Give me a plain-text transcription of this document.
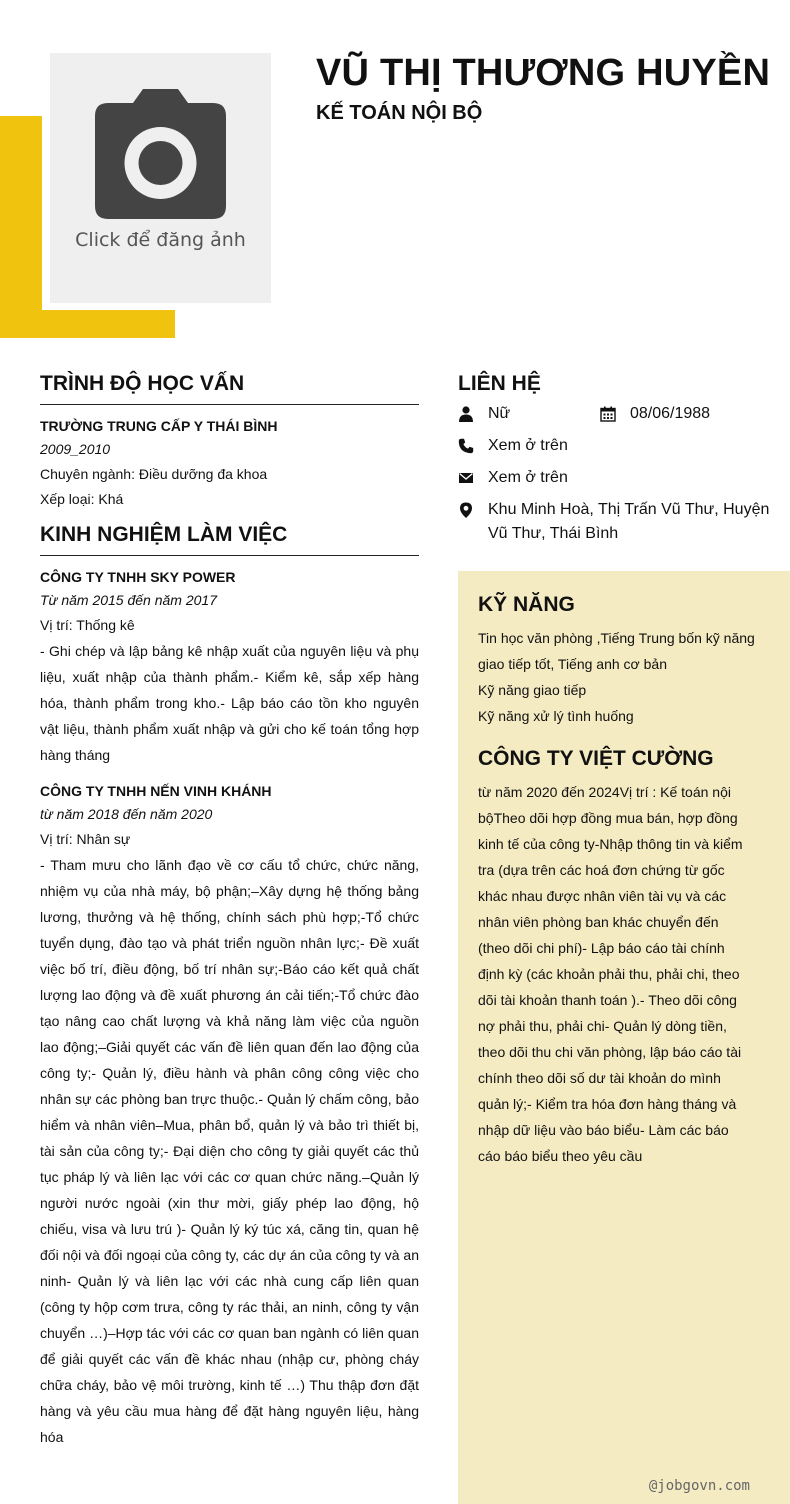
Click để đăng ảnh
VŨ THỊ THƯƠNG HUYỀN
KẾ TOÁN NỘI BỘ
TRÌNH ĐỘ HỌC VẤN
TRƯỜNG TRUNG CẤP Y THÁI BÌNH
2009_2010
Chuyên ngành: Điều dưỡng đa khoa
Xếp loại: Khá
KINH NGHIỆM LÀM VIỆC
CÔNG TY TNHH SKY POWER
Từ năm 2015 đến năm 2017
Vị trí: Thống kê
- Ghi chép và lập bảng kê nhập xuất của nguyên liệu và phụ liệu, xuất nhập của thành phẩm.- Kiểm kê, sắp xếp hàng hóa, thành phẩm trong kho.- Lập báo cáo tồn kho nguyên vật liệu, thành phẩm xuất nhập và gửi cho kế toán tổng hợp hàng tháng
CÔNG TY TNHH NẾN VINH KHÁNH
từ năm 2018 đến năm 2020
Vị trí: Nhân sự
- Tham mưu cho lãnh đạo về cơ cấu tổ chức, chức năng, nhiệm vụ của nhà máy, bộ phận;–Xây dựng hệ thống bảng lương, thưởng và hệ thống, chính sách phù hợp;-Tổ chức tuyển dụng, đào tạo và phát triển nguồn nhân lực;- Đề xuất việc bố trí, điều động, bố trí nhân sự;-Báo cáo kết quả chất lượng lao động và đề xuất phương án cải tiến;-Tổ chức đào tạo nâng cao chất lượng và khả năng làm việc của nguồn lao động;–Giải quyết các vấn đề liên quan đến lao động của công ty;- Quản lý, điều hành và phân công công việc cho nhân sự các phòng ban trực thuộc.- Quản lý chấm công, bảo hiểm và nhân viên–Mua, phân bổ, quản lý và bảo trì thiết bị, tài sản của công ty;- Đại diện cho công ty giải quyết các thủ tục pháp lý và liên lạc với các cơ quan chức năng.–Quản lý người nước ngoài (xin thư mời, giấy phép lao động, hộ chiếu, visa và lưu trú )- Quản lý ký túc xá, căng tin, quan hệ đối nội và đối ngoại của công ty, các dự án của công ty và an ninh- Quản lý và liên lạc với các nhà cung cấp liên quan (công ty hộp cơm trưa, công ty rác thải, an ninh, công ty vận chuyển …)–Hợp tác với các cơ quan ban ngành có liên quan để giải quyết các vấn đề khác nhau (nhập cư, phòng cháy chữa cháy, bảo vệ môi trường, kinh tế …) Thu thập đơn đặt hàng và yêu cầu mua hàng để đặt hàng nguyên liệu, hàng hóa
LIÊN HỆ
Nữ	08/06/1988
Xem ở trên
Xem ở trên
Khu Minh Hoà, Thị Trấn Vũ Thư, Huyện Vũ Thư, Thái Bình
KỸ NĂNG
Tin học văn phòng ,Tiếng Trung bốn kỹ năng giao tiếp tốt, Tiếng anh cơ bản
Kỹ năng giao tiếp
Kỹ năng xử lý tình huống
CÔNG TY VIỆT CƯỜNG
từ năm 2020 đến 2024Vị trí : Kế toán nội bộTheo dõi hợp đồng mua bán, hợp đồng kinh tế của công ty-Nhập thông tin và kiểm tra (dựa trên các hoá đơn chứng từ gốc khác nhau được nhân viên tài vụ và các nhân viên phòng ban khác chuyển đến (theo dõi chi phí)- Lập báo cáo tài chính định kỳ (các khoản phải thu, phải chi, theo dõi tài khoản thanh toán ).- Theo dõi công nợ phải thu, phải chi- Quản lý dòng tiền, theo dõi thu chi văn phòng, lập báo cáo tài chính theo dõi số dư tài khoản do mình quản lý;- Kiểm tra hóa đơn hàng tháng và nhập dữ liệu vào báo biểu- Làm các báo cáo báo biểu theo yêu cầu
@jobgovn.com
